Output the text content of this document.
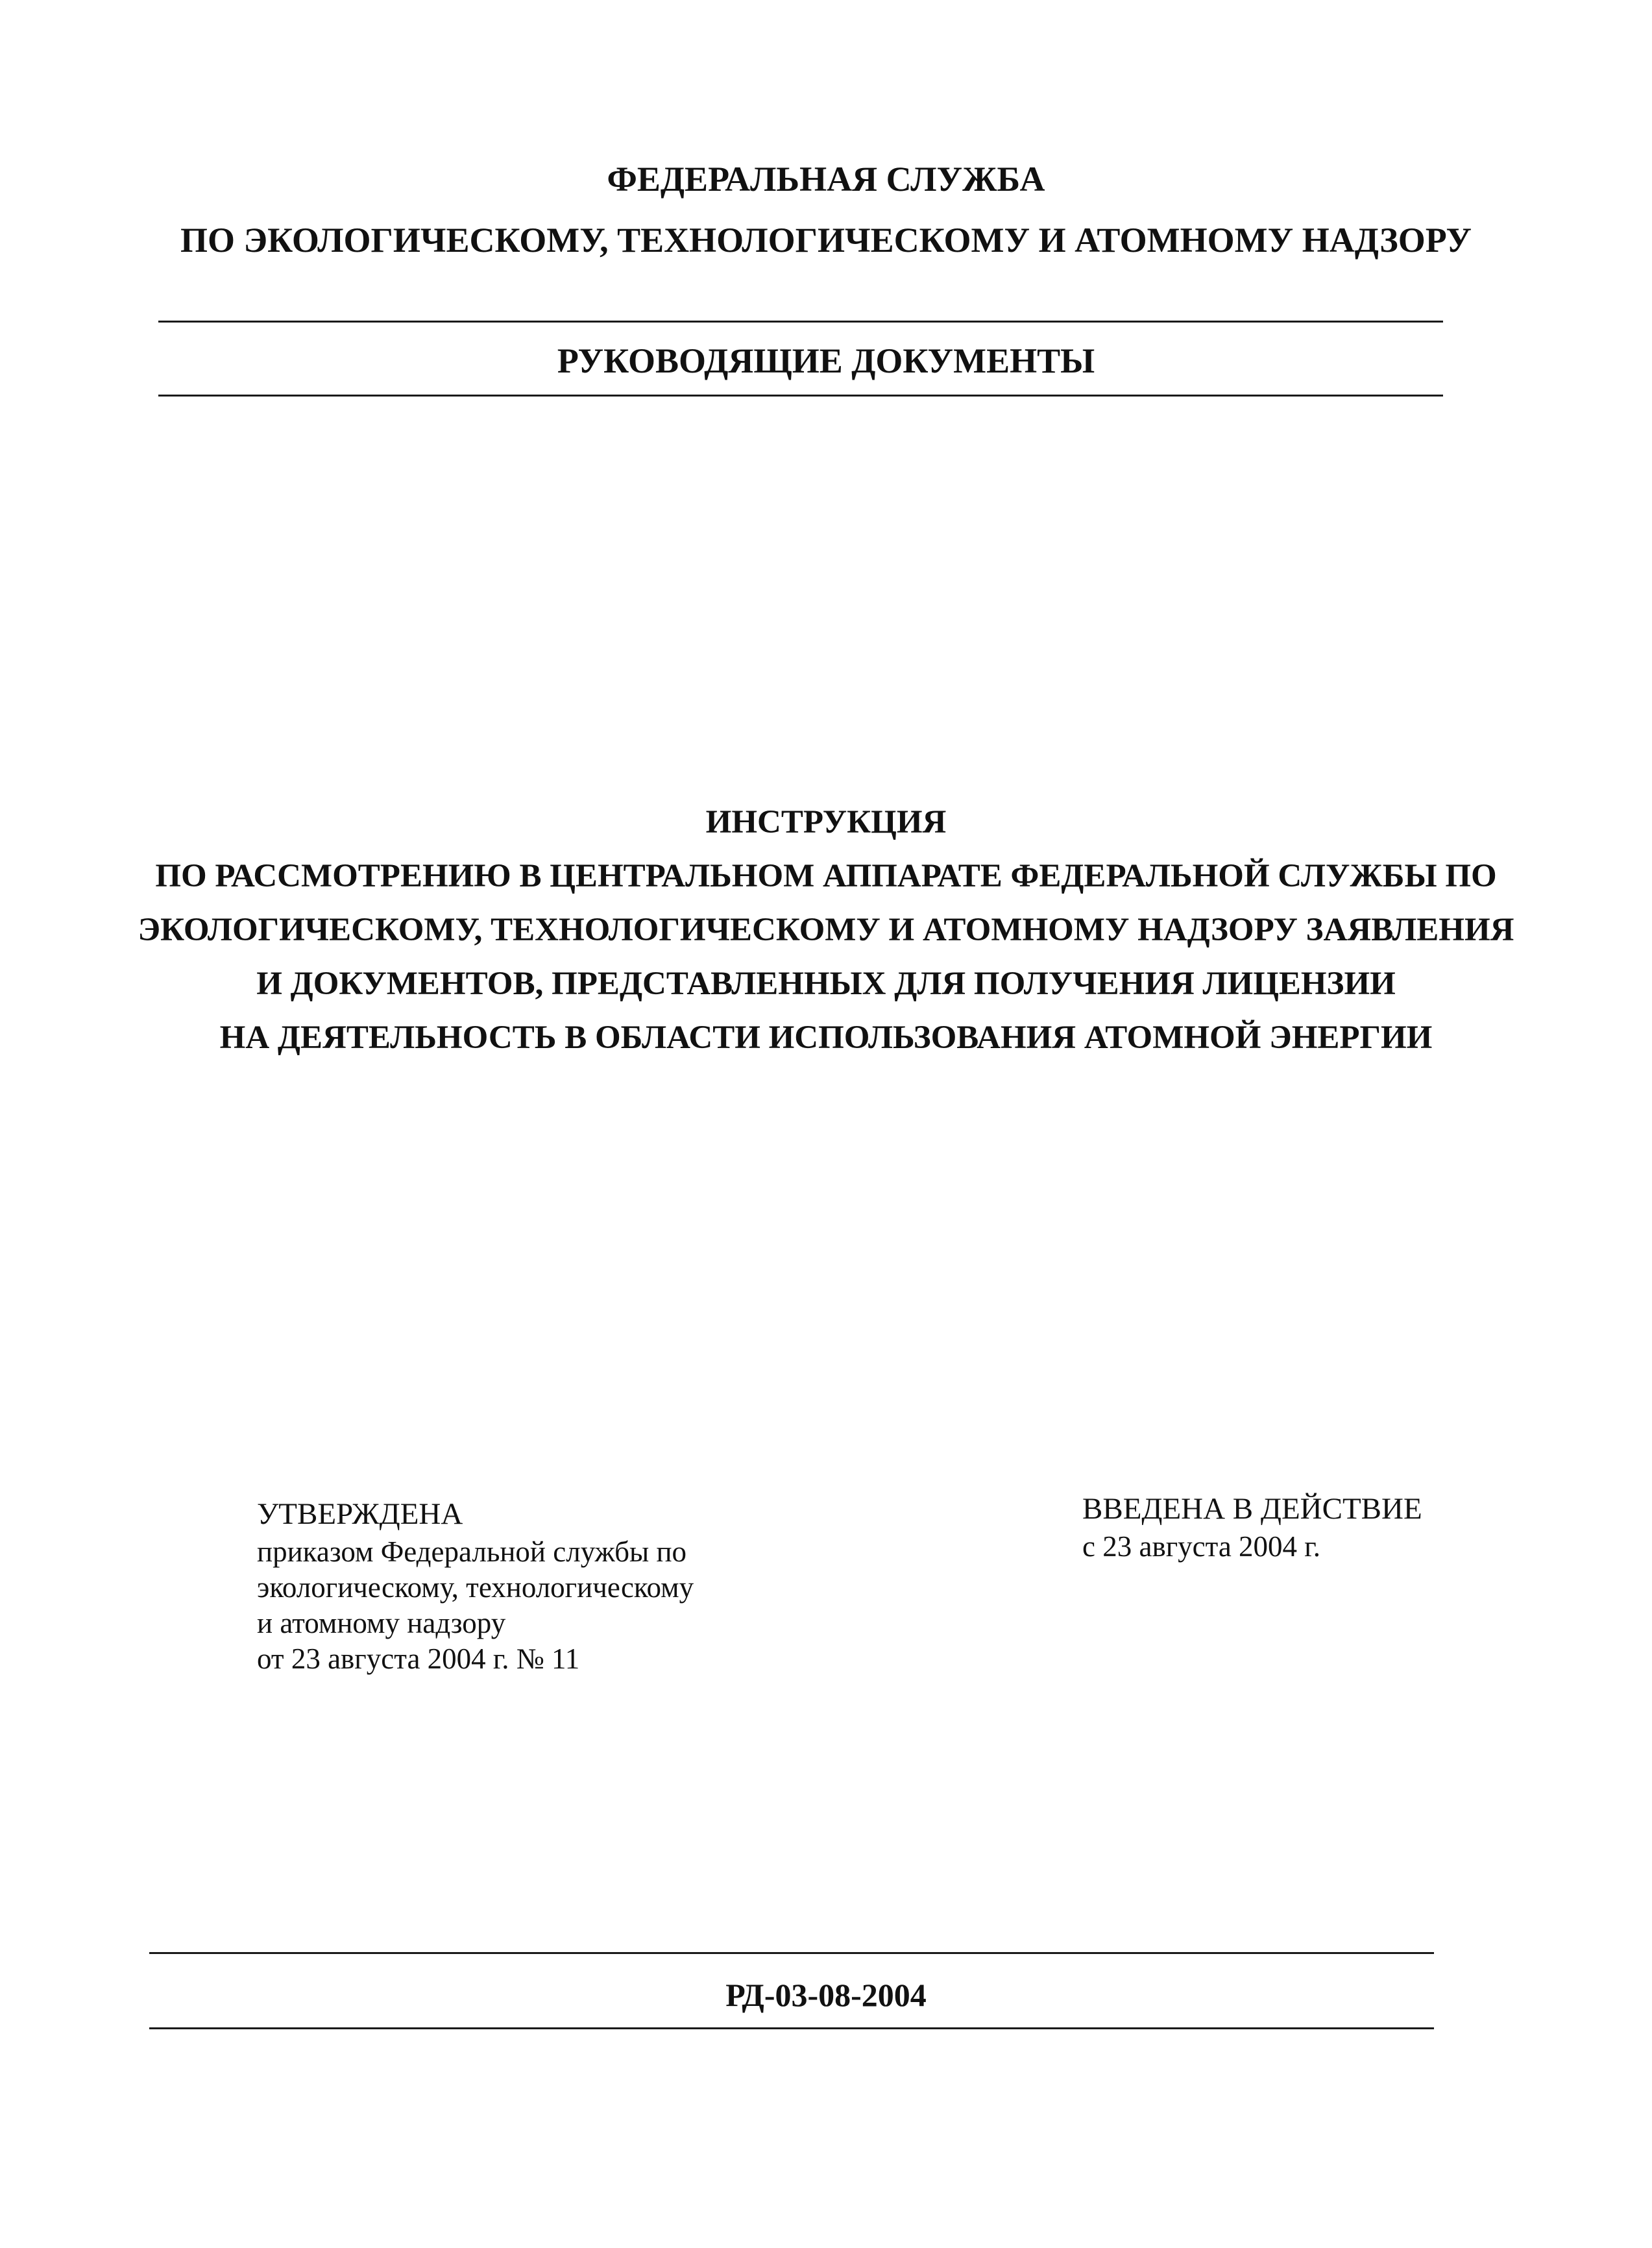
ФЕДЕРАЛЬНАЯ СЛУЖБА
ПО ЭКОЛОГИЧЕСКОМУ, ТЕХНОЛОГИЧЕСКОМУ И АТОМНОМУ НАДЗОРУ
РУКОВОДЯЩИЕ ДОКУМЕНТЫ
ИНСТРУКЦИЯ
ПО РАССМОТРЕНИЮ В ЦЕНТРАЛЬНОМ АППАРАТЕ ФЕДЕРАЛЬНОЙ СЛУЖБЫ ПО
ЭКОЛОГИЧЕСКОМУ, ТЕХНОЛОГИЧЕСКОМУ И АТОМНОМУ НАДЗОРУ ЗАЯВЛЕНИЯ
И ДОКУМЕНТОВ, ПРЕДСТАВЛЕННЫХ ДЛЯ ПОЛУЧЕНИЯ ЛИЦЕНЗИИ
НА ДЕЯТЕЛЬНОСТЬ В ОБЛАСТИ ИСПОЛЬЗОВАНИЯ АТОМНОЙ ЭНЕРГИИ
УТВЕРЖДЕНА
приказом Федеральной службы по
экологическому, технологическому
и атомному надзору
от 23 августа 2004 г. № 11
ВВЕДЕНА В ДЕЙСТВИЕ
с 23 августа 2004 г.
РД-03-08-2004
